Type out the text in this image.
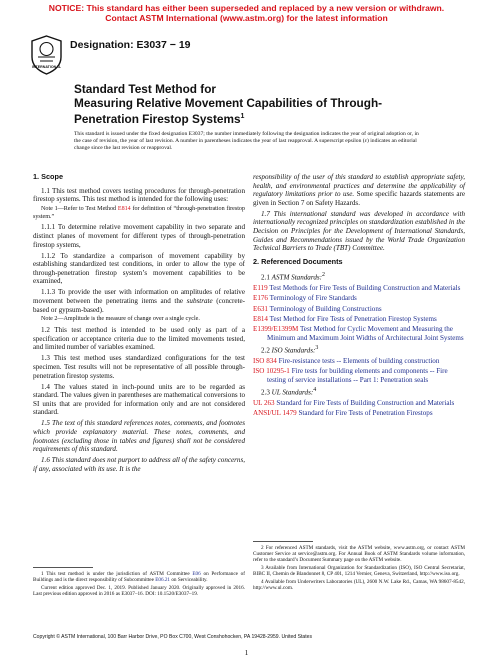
NOTICE: This standard has either been superseded and replaced by a new version or withdrawn.
Contact ASTM International (www.astm.org) for the latest information
INTERNATIONAL
Designation: E3037 − 19
Standard Test Method for
Measuring Relative Movement Capabilities of Through-
Penetration Firestop Systems$^1$
This standard is issued under the fixed designation E3037; the number immediately following the designation indicates the year of original adoption or, in the case of revision, the year of last revision. A number in parentheses indicates the year of last reapproval. A superscript epsilon (ε) indicates an editorial change since the last revision or reapproval.
1. Scope

1.1 This test method covers testing procedures for through-penetration firestop systems. This test method is intended for the following uses:

Note 1—Refer to Test Method E814 for definition of “through-penetration firestop system.”

1.1.1 To determine relative movement capability in two separate and distinct planes of movement for different types of through-penetration firestop systems,

1.1.2 To standardize a comparison of movement capability by establishing standardized test conditions, in order to allow the type of through-penetration firestop system’s movement capabilities to be examined,

1.1.3 To provide the user with information on amplitudes of relative movement between the penetrating items and the substrate (concrete-based or gypsum-based).

Note 2—Amplitude is the measure of change over a single cycle.

1.2 This test method is intended to be used only as part of a specification or acceptance criteria due to the limited movements tested, and limited number of variables examined.

1.3 This test method uses standardized configurations for the test specimen. Test results will not be representative of all possible through-penetration firestop systems.

1.4 The values stated in inch-pound units are to be regarded as standard. The values given in parentheses are mathematical conversions to SI units that are provided for information only and are not considered standard.

1.5 The text of this standard references notes, comments, and footnotes which provide explanatory material. These notes, comments, and footnotes (excluding those in tables and figures) shall not be considered requirements of this standard.

1.6 This standard does not purport to address all of the safety concerns, if any, associated with its use. It is the

responsibility of the user of this standard to establish appropriate safety, health, and environmental practices and determine the applicability of regulatory limitations prior to use. Some specific hazards statements are given in Section 7 on Safety Hazards.

1.7 This international standard was developed in accordance with internationally recognized principles on standardization established in the Decision on Principles for the Development of International Standards, Guides and Recommendations issued by the World Trade Organization Technical Barriers to Trade (TBT) Committee.

2. Referenced Documents
2.1 ASTM Standards:$^2$
E119 Test Methods for Fire Tests of Building Construction and Materials
E176 Terminology of Fire Standards
E631 Terminology of Building Constructions
E814 Test Method for Fire Tests of Penetration Firestop Systems
E1399/E1399M Test Method for Cyclic Movement and Measuring the Minimum and Maximum Joint Widths of Architectural Joint Systems
2.2 ISO Standards:$^3$
ISO 834 Fire-resistance tests -- Elements of building construction
ISO 10295-1 Fire tests for building elements and components -- Fire testing of service installations -- Part 1: Penetration seals
2.3 UL Standards:$^4$
UL 263 Standard for Fire Tests of Building Construction and Materials
ANSI/UL 1479 Standard for Fire Tests of Penetration Firestops

1 This test method is under the jurisdiction of ASTM Committee E06 on Performance of Buildings and is the direct responsibility of Subcommittee E06.21 on Serviceability.

Current edition approved Dec. 1, 2019. Published January 2020. Originally approved in 2016. Last previous edition approved in 2016 as E3037–16. DOI: 10.1520/E3037–19.

2 For referenced ASTM standards, visit the ASTM website, www.astm.org, or contact ASTM Customer Service at service@astm.org. For Annual Book of ASTM Standards volume information, refer to the standard’s Document Summary page on the ASTM website.

3 Available from International Organization for Standardization (ISO), ISO Central Secretariat, BIBC II, Chemin de Blandonnet 8, CP 401, 1214 Vernier, Geneva, Switzerland, http://www.iso.org.

4 Available from Underwriters Laboratories (UL), 2600 N.W. Lake Rd., Camas, WA 98607-8542, http://www.ul.com.

Copyright © ASTM International, 100 Barr Harbor Drive, PO Box C700, West Conshohocken, PA 19428-2959. United States
1
